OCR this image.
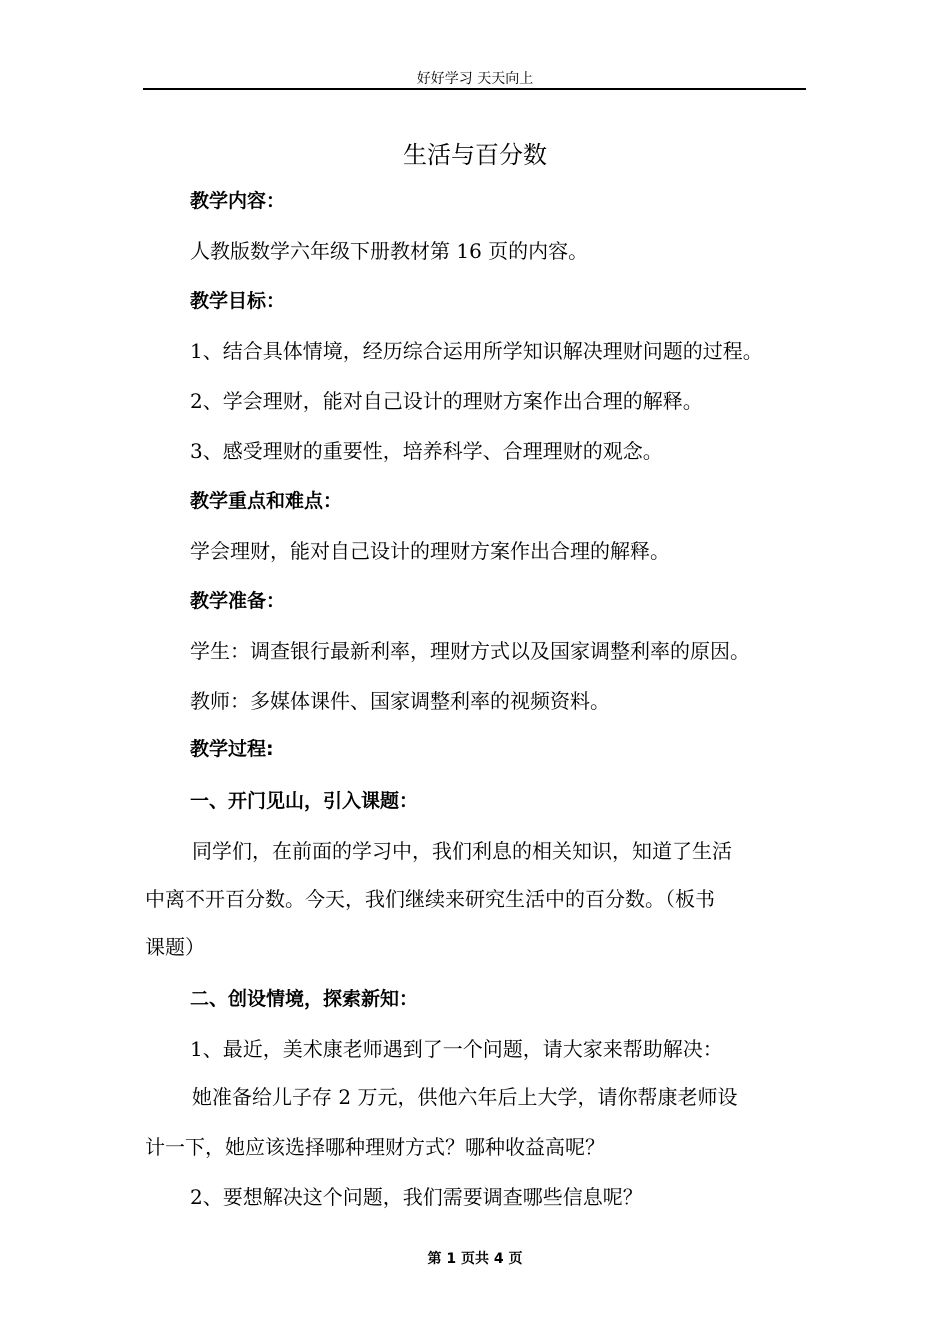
好好学习 天天向上
生活与百分数
教学内容：
人教版数学六年级下册教材第 16 页的内容。
教学目标：
1、结合具体情境，经历综合运用所学知识解决理财问题的过程。
2、学会理财，能对自己设计的理财方案作出合理的解释。
3、感受理财的重要性，培养科学、合理理财的观念。
教学重点和难点：
学会理财，能对自己设计的理财方案作出合理的解释。
教学准备：
学生：调查银行最新利率，理财方式以及国家调整利率的原因。
教师：多媒体课件、国家调整利率的视频资料。
教学过程:
一、开门见山，引入课题：
同学们，在前面的学习中，我们利息的相关知识，知道了生活
中离不开百分数。今天，我们继续来研究生活中的百分数。（板书
课题）
二、创设情境，探索新知：
1、最近，美术康老师遇到了一个问题，请大家来帮助解决：
她准备给儿子存 2 万元，供他六年后上大学，请你帮康老师设
计一下，她应该选择哪种理财方式？哪种收益高呢？
2、要想解决这个问题，我们需要调查哪些信息呢？
第 1 页共 4 页
